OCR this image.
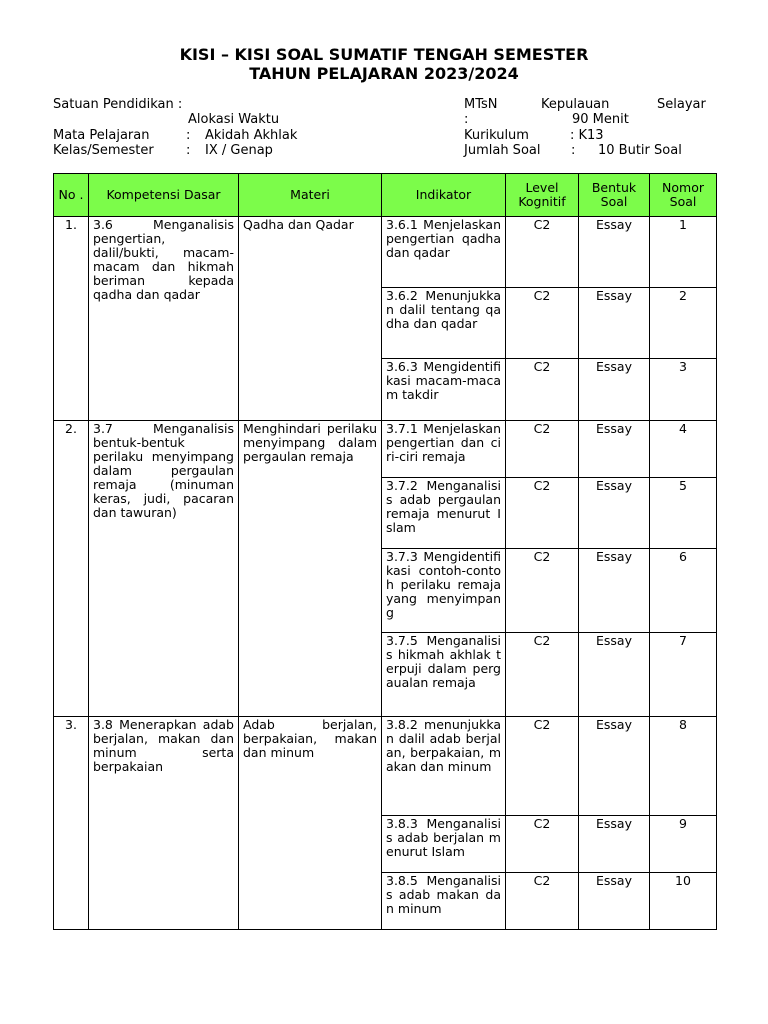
KISI – KISI SOAL SUMATIF TENGAH SEMESTER
TAHUN PELAJARAN 2023/2024
Satuan Pendidikan :	MTsN	Kepulauan	Selayar
Alokasi Waktu	:	90 Menit
Mata Pelajaran	: Akidah Akhlak	Kurikulum	: K13
Kelas/Semester : IX / Genap	Jumlah Soal : 10 Butir Soal
No .	Kompetensi Dasar	Materi	Indikator	Level Kognitif	Bentuk Soal	Nomor Soal
1.	3.6 Menganalisis pengertian, dalil/bukti, macam-macam dan hikmah beriman kepada qadha dan qadar	Qadha dan Qadar	3.6.1 Menjelaskan pengertian qadha dan qadar	C2	Essay	1
			3.6.2 Menunjukkan dalil tentang qadha dan qadar	C2	Essay	2
			3.6.3 Mengidentifikasi macam-macam takdir	C2	Essay	3
2.	3.7 Menganalisis bentuk-bentuk perilaku menyimpang dalam pergaulan remaja (minuman keras, judi, pacaran dan tawuran)	Menghindari perilaku menyimpang dalam pergaulan remaja	3.7.1 Menjelaskan pengertian dan ciri-ciri remaja	C2	Essay	4
			3.7.2 Menganalisis adab pergaulan remaja menurut Islam	C2	Essay	5
			3.7.3 Mengidentifikasi contoh-contoh perilaku remaja yang menyimpang	C2	Essay	6
			3.7.5 Menganalisis hikmah akhlak terpuji dalam pergaualan remaja	C2	Essay	7
3.	3.8 Menerapkan adab berjalan, makan dan minum serta berpakaian	Adab berjalan, berpakaian, makan dan minum	3.8.2 menunjukkan dalil adab berjalan, berpakaian, makan dan minum	C2	Essay	8
			3.8.3 Menganalisis adab berjalan menurut Islam	C2	Essay	9
			3.8.5 Menganalisis adab makan dan minum	C2	Essay	10
